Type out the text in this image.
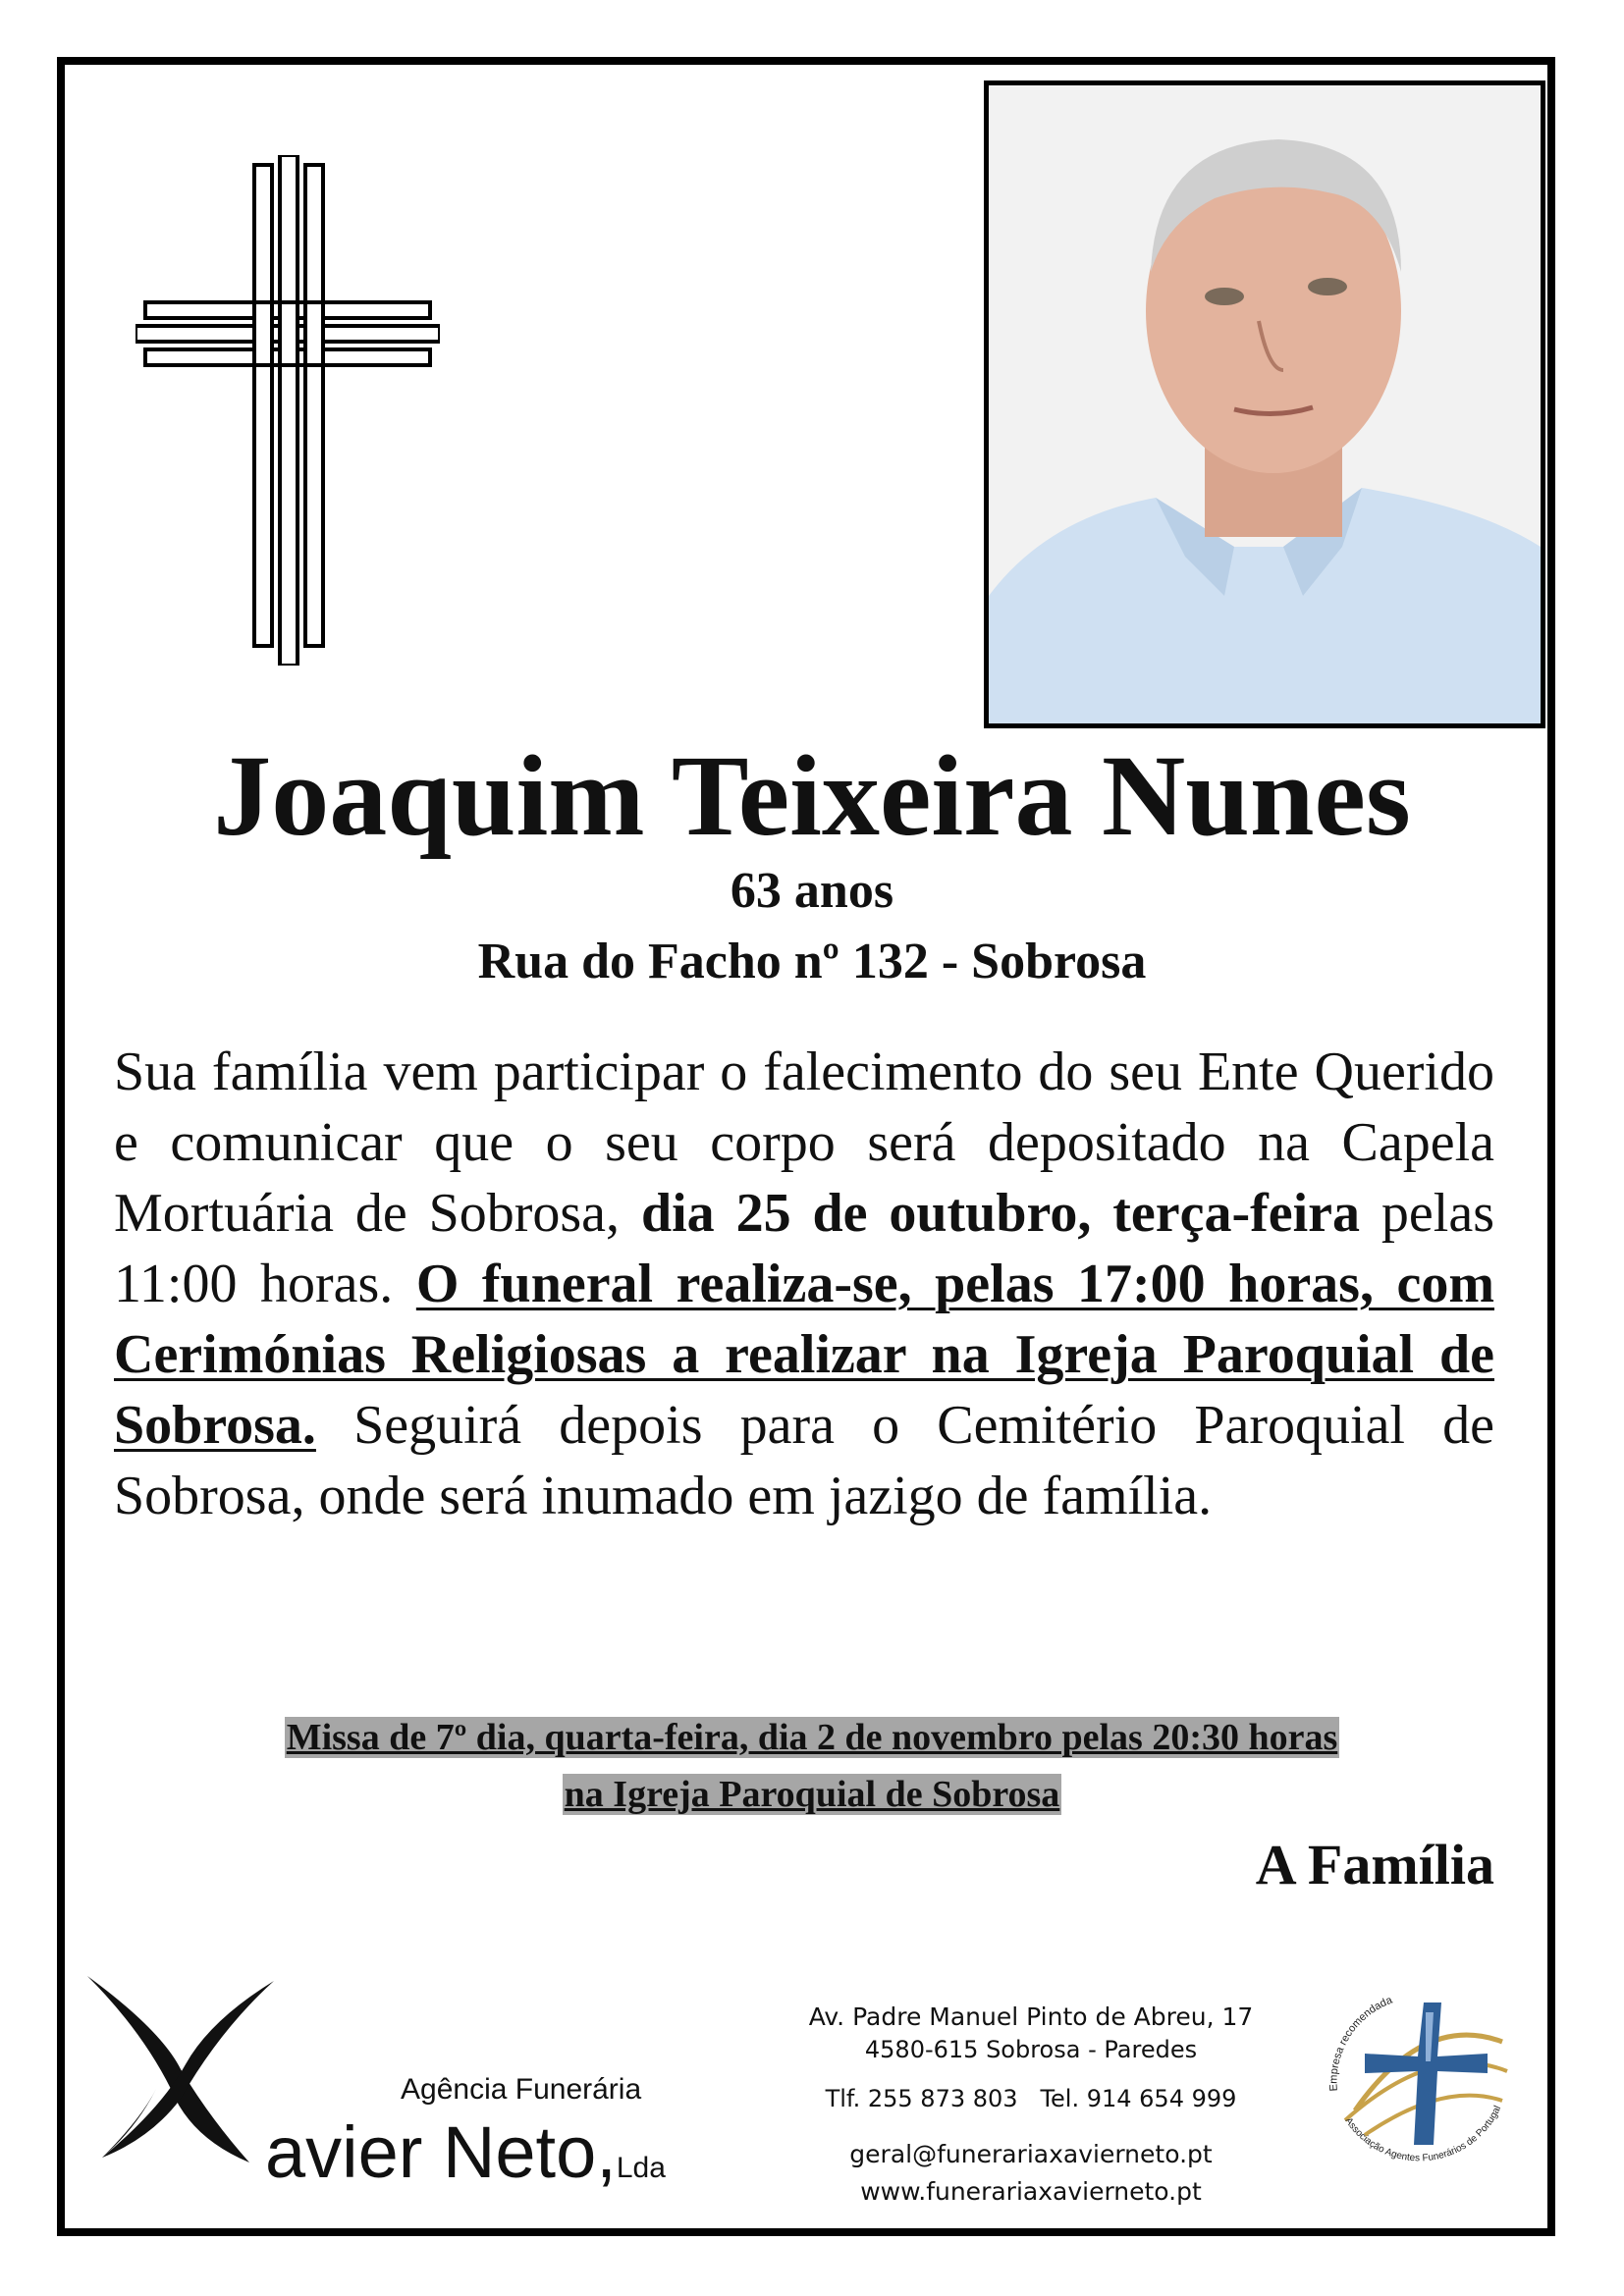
Joaquim Teixeira Nunes
63 anos
Rua do Facho nº 132 - Sobrosa
Sua família vem participar o falecimento do seu Ente Querido e comunicar que o seu corpo será depositado na Capela Mortuária de Sobrosa, dia 25 de outubro, terça-feira pelas 11:00 horas. O funeral realiza-se, pelas 17:00 horas, com Cerimónias Religiosas a realizar na Igreja Paroquial de Sobrosa. Seguirá depois para o Cemitério Paroquial de Sobrosa, onde será inumado em jazigo de família.
Missa de 7º dia, quarta-feira, dia 2 de novembro pelas 20:30 horas
na Igreja Paroquial de Sobrosa
A Família
Agência Funerária
avier Neto,Lda
Av. Padre Manuel Pinto de Abreu, 17
4580-615 Sobrosa - Paredes
Tlf. 255 873 803   Tel. 914 654 999
geral@funerariaxavierneto.pt
www.funerariaxavierneto.pt
Empresa recomendada
Associação Agentes Funerários de Portugal
